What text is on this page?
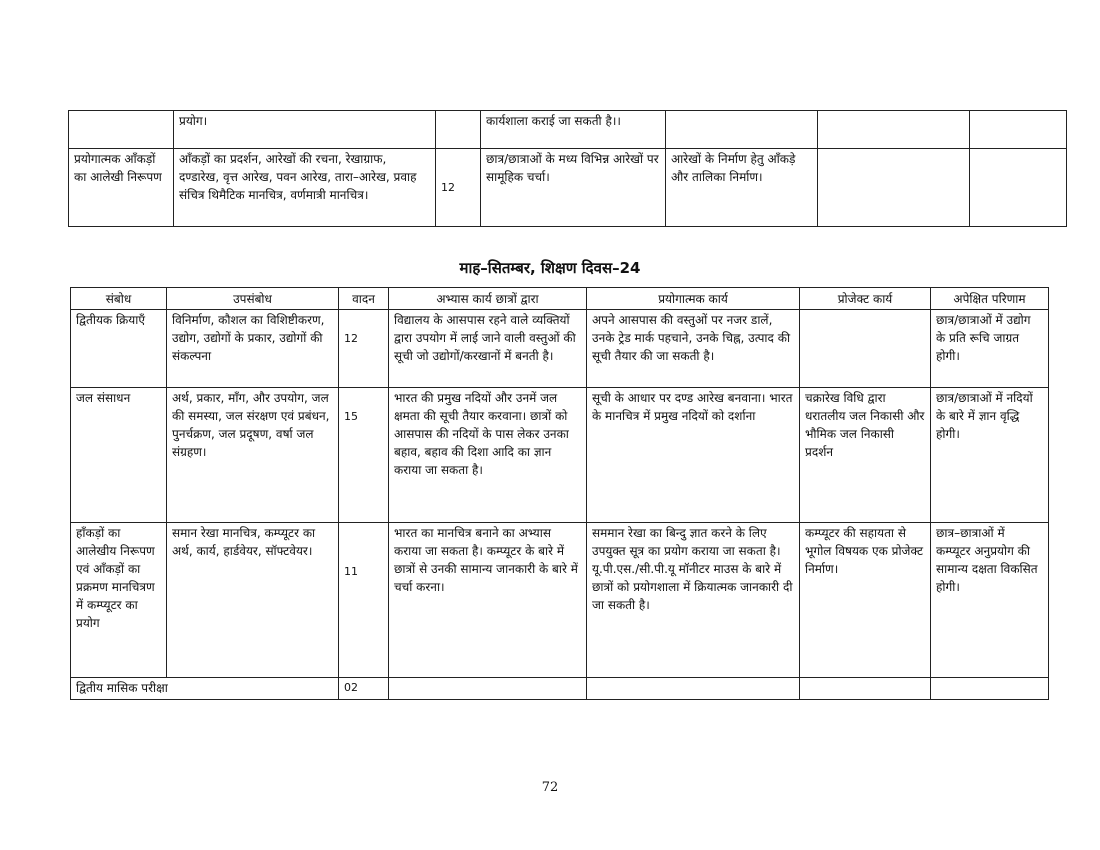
	प्रयोग।		कार्यशाला कराई जा सकती है।।			
प्रयोगात्मक आँकड़ों का आलेखी निरूपण	आँकड़ों का प्रदर्शन, आरेखों की रचना, रेखाग्राफ, दण्डारेख, वृत्त आरेख, पवन आरेख, तारा–आरेख, प्रवाह संचित्र थिमैटिक मानचित्र, वर्णमात्री मानचित्र।	12	छात्र/छात्राओं के मध्य विभिन्न आरेखों पर सामूहिक चर्चा।	आरेखों के निर्माण हेतु आँकड़े और तालिका निर्माण।		
माह–सितम्बर, शिक्षण दिवस–24
संबोध	उपसंबोध	वादन	अभ्यास कार्य छात्रों द्वारा	प्रयोगात्मक कार्य	प्रोजेक्ट कार्य	अपेक्षित परिणाम
द्वितीयक क्रियाएँ	विनिर्माण, कौशल का विशिष्टीकरण, उद्योग, उद्योगों के प्रकार, उद्योगों की संकल्पना	12	विद्यालय के आसपास रहने वाले व्यक्तियों द्वारा उपयोग में लाई जाने वाली वस्तुओं की सूची जो उद्योगों/करखानों में बनती है।	अपने आसपास की वस्तुओं पर नजर डालें, उनके ट्रेड मार्क पहचाने, उनके चिह्न, उत्पाद की सूची तैयार की जा सकती है।		छात्र/छात्राओं में उद्योग के प्रति रूचि जाग्रत होगी।
जल संसाधन	अर्थ, प्रकार, माँग, और उपयोग, जल की समस्या, जल संरक्षण एवं प्रबंधन, पुनर्चक्रण, जल प्रदूषण, वर्षा जल संग्रहण।	15	भारत की प्रमुख नदियों और उनमें जल क्षमता की सूची तैयार करवाना। छात्रों को आसपास की नदियों के पास लेकर उनका बहाव, बहाव की दिशा आदि का ज्ञान कराया जा सकता है।	सूची के आधार पर दण्ड आरेख बनवाना। भारत के मानचित्र में प्रमुख नदियों को दर्शाना	चक्रारेख विधि द्वारा धरातलीय जल निकासी और भौमिक जल निकासी प्रदर्शन	छात्र/छात्राओं में नदियों के बारे में ज्ञान वृद्धि होगी।
हाँकड़ों का आलेखीय निरूपण एवं आँकड़ों का प्रक्रमण मानचित्रण में कम्प्यूटर का प्रयोग	समान रेखा मानचित्र, कम्प्यूटर का अर्थ, कार्य, हार्डवेयर, सॉफ्टवेयर।	11	भारत का मानचित्र बनाने का अभ्यास कराया जा सकता है। कम्प्यूटर के बारे में छात्रों से उनकी सामान्य जानकारी के बारे में चर्चा करना।	सममान रेखा का बिन्दु ज्ञात करने के लिए उपयुक्त सूत्र का प्रयोग कराया जा सकता है। यू.पी.एस./सी.पी.यू मॉनीटर माउस के बारे में छात्रों को प्रयोगशाला में क्रियात्मक जानकारी दी जा सकती है।	कम्प्यूटर की सहायता से भूगोल विषयक एक प्रोजेक्ट निर्माण।	छात्र–छात्राओं में कम्प्यूटर अनुप्रयोग की सामान्य दक्षता विकसित होगी।
द्वितीय मासिक परीक्षा		02				
72
